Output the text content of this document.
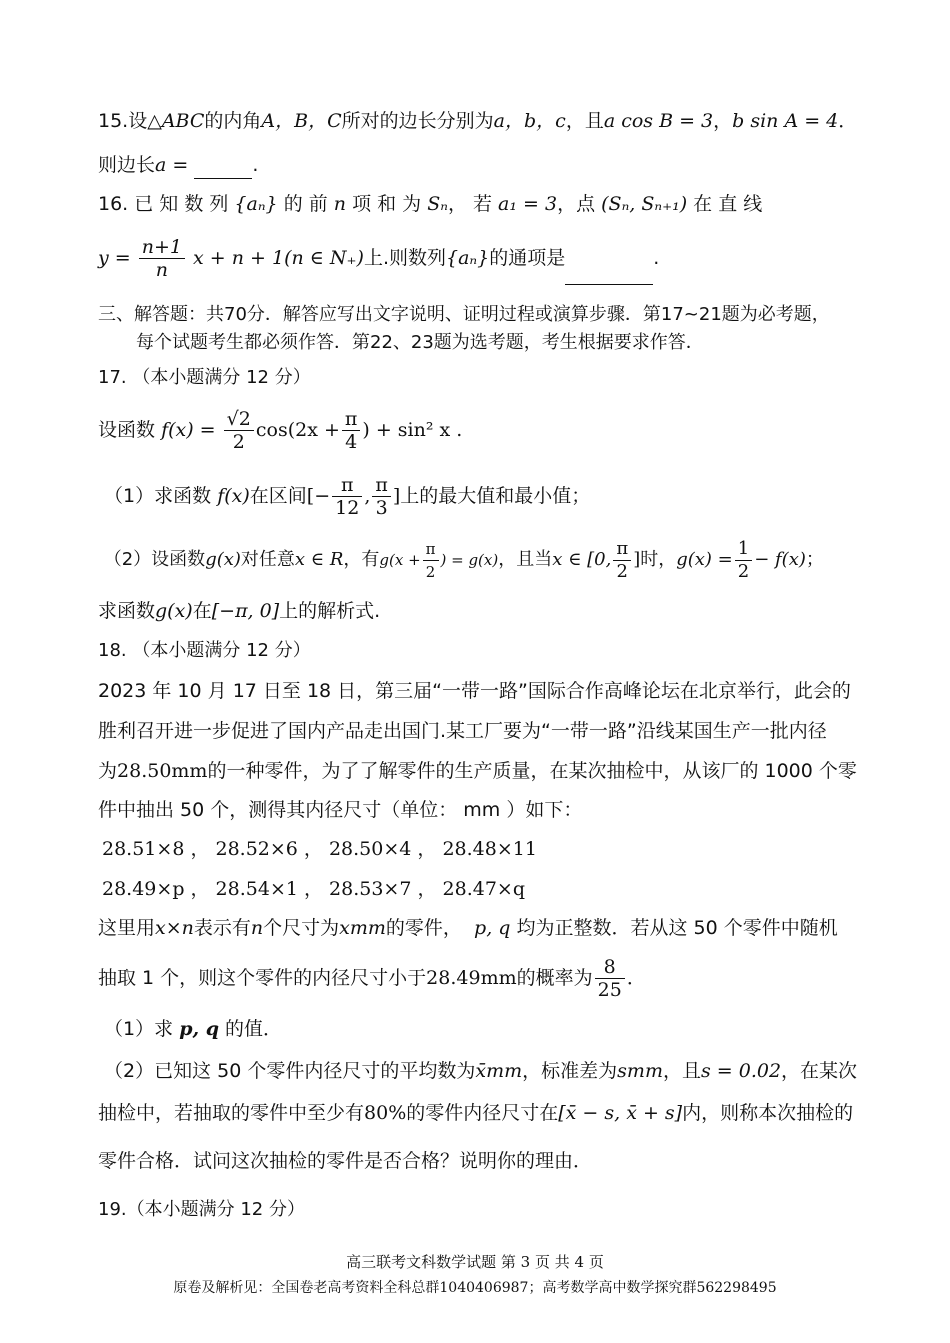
15.设△ABC的内角A，B，C所对的边长分别为a，b，c，且a cos B = 3，b sin A = 4．
则边长a =	.
16. 已 知 数 列 {aₙ} 的 前 n 项 和 为 Sₙ， 若 a₁ = 3，点 (Sₙ, Sₙ₊₁) 在 直 线
$y = \frac{n+1}{n}$ x + n + 1(n ∈ N₊)上.则数列{aₙ}的通项是	.
三、解答题：共70分．解答应写出文字说明、证明过程或演算步骤．第17~21题为必考题，
每个试题考生都必须作答．第22、23题为选考题，考生根据要求作答．
17. （本小题满分 12 分）
设函数 $f(x) = \frac{√2}{2} \cos(2x + \frac{\pi}{4}$ ) + sin² x .
（1）求函数 f(x)在区间[− $\frac{\pi}{12}$ , $\frac{\pi}{3}$ ]上的最大值和最小值；
（2）设函数g(x)对任意x ∈ R，有$g(x + \frac{\pi}{2}$ ) = g(x)，且当x ∈ [0, $\frac{\pi}{2}$ ]时，$g(x) = \frac{1}{2} - f(x)$；
求函数g(x)在[−π, 0]上的解析式.
18. （本小题满分 12 分）
2023 年 10 月 17 日至 18 日，第三届“一带一路”国际合作高峰论坛在北京举行，此会的
胜利召开进一步促进了国内产品走出国门.某工厂要为“一带一路”沿线某国生产一批内径
为28.50mm的一种零件，为了了解零件的生产质量，在某次抽检中，从该厂的 1000 个零
件中抽出 50 个，测得其内径尺寸（单位： mm ）如下：
28.51×8 ， 28.52×6 ， 28.50×4 ， 28.48×11
28.49×p ， 28.54×1 ， 28.53×7 ， 28.47×q
这里用x×n表示有n个尺寸为xmm的零件， p, q 均为正整数．若从这 50 个零件中随机
抽取 1 个，则这个零件的内径尺寸小于28.49mm的概率为 $\frac{8}{25}$ ．
（1）求 p, q 的值．
（2）已知这 50 个零件内径尺寸的平均数为x̄mm，标准差为smm，且s = 0.02，在某次
抽检中，若抽取的零件中至少有80%的零件内径尺寸在[x̄ − s, x̄ + s]内，则称本次抽检的
零件合格．试问这次抽检的零件是否合格？说明你的理由．
19.（本小题满分 12 分）
高三联考文科数学试题 第 3 页 共 4 页
原卷及解析见：全国卷老高考资料全科总群1040406987；高考数学高中数学探究群562298495
